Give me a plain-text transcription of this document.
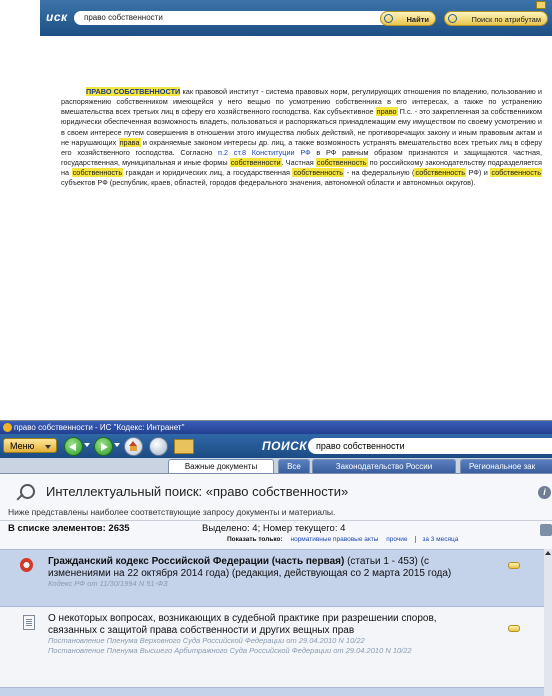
иск	право собственности	Найти	Поиск по атрибутам
ПРАВО СОБСТВЕННОСТИ как правовой институт - система правовых норм, регулирующих отношения по владению, пользованию и распоряжению собственником имеющейся у него вещью по усмотрению собственника в его интересах, а также по устранению вмешательства всех третьих лиц в сферу его хозяйственного господства. Как субъективное право П.с. - это закрепленная за собственником юридически обеспеченная возможность владеть, пользоваться и распоряжаться принадлежащим ему имуществом по своему усмотрению и в своем интересе путем совершения в отношении этого имущества любых действий, не противоречащих закону и иным правовым актам и не нарушающих права и охраняемые законом интересы др. лиц, а также возможность устранять вмешательство всех третьих лиц в сферу его хозяйственного господства. Согласно п.2 ст.8 Конституции РФ в РФ равным образом признаются и защищаются частная, государственная, муниципальная и иные формы собственности. Частная собственность по российскому законодательству подразделяется на собственность граждан и юридических лиц, а государственная собственность - на федеральную (собственность РФ) и собственность субъектов РФ (республик, краев, областей, городов федерального значения, автономной области и автономных округов).
право собственности - ИС "Кодекс: Интранет"
Меню	ПОИСК право собственности
Важные документы	Все	Законодательство России	Региональное зак
Интеллектуальный поиск: «право собственности»	i
Ниже представлены наиболее соответствующие запросу документы и материалы.
В списке элементов: 2635	Выделено: 4; Номер текущего: 4
Показать только: нормативные правовые акты прочие за 3 месяца
Гражданский кодекс Российской Федерации (часть первая) (статьи 1 - 453) (с изменениями на 22 октября 2014 года) (редакция, действующая со 2 марта 2015 года)
Кодекс РФ от 11/30/1994 N 51-ФЗ
О некоторых вопросах, возникающих в судебной практике при разрешении споров, связанных с защитой права собственности и других вещных прав
Постановление Пленума Верховного Суда Российской Федерации от 29.04.2010 N 10/22
Постановление Пленума Высшего Арбитражного Суда Российской Федерации от 29.04.2010 N 10/22
